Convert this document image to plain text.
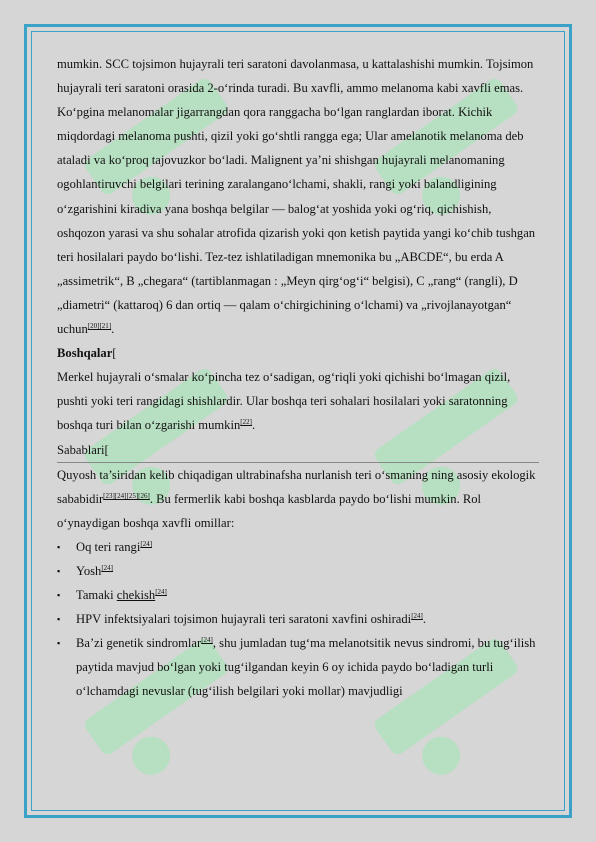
mumkin. SCC tojsimon hujayrali teri saratoni davolanmasa, u kattalashishi mumkin. Tojsimon hujayrali teri saratoni orasida 2-o‘rinda turadi. Bu xavfli, ammo melanoma kabi xavfli emas.

Ko‘pgina melanomalar jigarrangdan qora ranggacha bo‘lgan ranglardan iborat. Kichik miqdordagi melanoma pushti, qizil yoki go‘shtli rangga ega; Ular amelanotik melanoma deb ataladi va ko‘proq tajovuzkor bo‘ladi. Malignent ya’ni shishgan hujayrali melanomaning ogohlantiruvchi belgilari terining zaralangano‘lchami, shakli, rangi yoki balandligining o‘zgarishini kiradiva yana boshqa belgilar — balog‘at yoshida yoki og‘riq, qichishish, oshqozon yarasi va shu sohalar atrofida qizarish yoki qon ketish paytida yangi ko‘chib tushgan teri hosilalari paydo bo‘lishi. Tez-tez ishlatiladigan mnemonika bu „ABCDE“, bu erda A „assimetrik“, B „chegara“ (tartiblanmagan : „Meyn qirg‘og‘i“ belgisi), C „rang“ (rangli), D „diametri“ (kattaroq) 6 dan ortiq — qalam o‘chirgichining o‘lchami) va „rivojlanayotgan“ uchun[20][21].

Boshqalar[

Merkel hujayrali o‘smalar ko‘pincha tez o‘sadigan, og‘riqli yoki qichishi bo‘lmagan qizil, pushti yoki teri rangidagi shishlardir. Ular boshqa teri sohalari hosilalari yoki saratonning boshqa turi bilan o‘zgarishi mumkin[22].

Sabablari[

Quyosh ta’siridan kelib chiqadigan ultrabinafsha nurlanish teri o‘smaning ning asosiy ekologik sababidir[23][24][25][26]. Bu fermerlik kabi boshqa kasblarda paydo bo‘lishi mumkin. Rol o‘ynaydigan boshqa xavfli omillar:

▪ Oq teri rangi[24]
▪ Yosh[24]
▪ Tamaki chekish[24]
▪ HPV infektsiyalari tojsimon hujayrali teri saratoni xavfini oshiradi[24].
▪ Ba’zi genetik sindromlar[24], shu jumladan tug‘ma melanotsitik nevus sindromi, bu tug‘ilish paytida mavjud bo‘lgan yoki tug‘ilgandan keyin 6 oy ichida paydo bo‘ladigan turli o‘lchamdagi nevuslar (tug‘ilish belgilari yoki mollar) mavjudligi
